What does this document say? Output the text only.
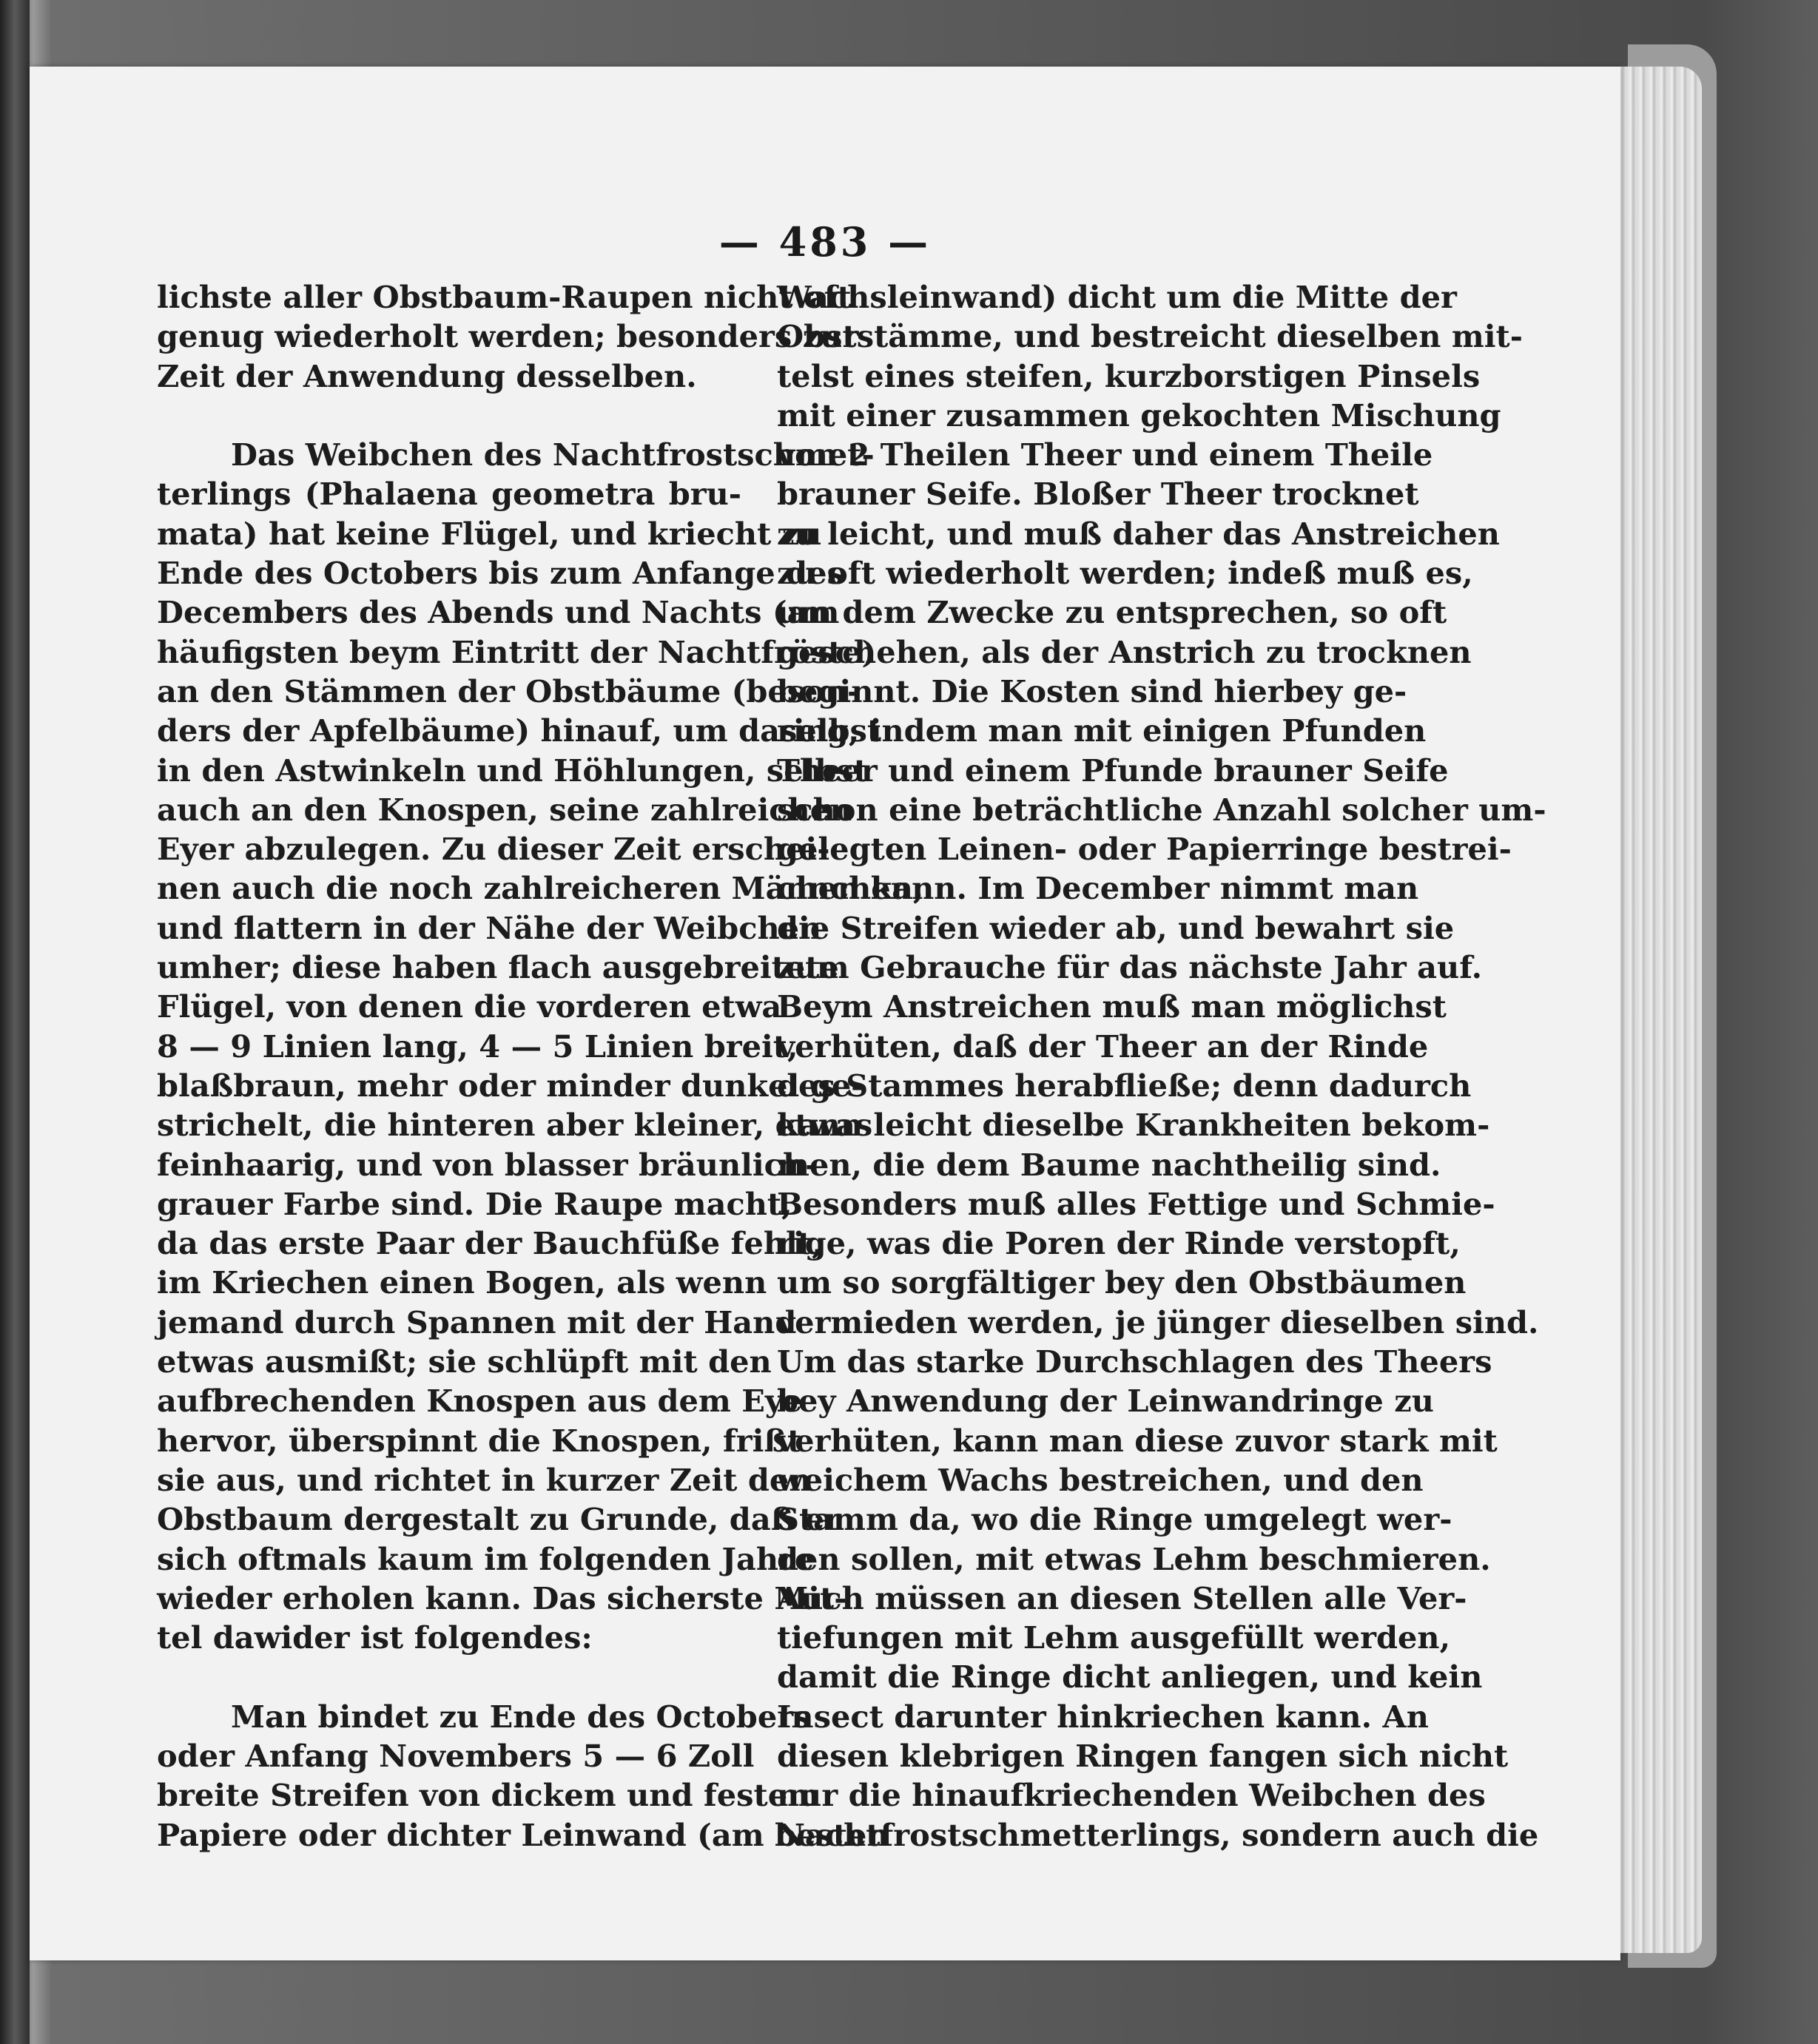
— 483 —
lichste aller Obstbaum-Raupen nicht oft
genug wiederholt werden; besonders zur
Zeit der Anwendung desselben.
Das Weibchen des Nachtfrostschmet-
terlings (Phalaena geometra bru-
mata) hat keine Flügel, und kriecht zu
Ende des Octobers bis zum Anfange des
Decembers des Abends und Nachts (am
häufigsten beym Eintritt der Nachtfröste)
an den Stämmen der Obstbäume (beson-
ders der Apfelbäume) hinauf, um daselbst
in den Astwinkeln und Höhlungen, selbst
auch an den Knospen, seine zahlreichen
Eyer abzulegen. Zu dieser Zeit erschei-
nen auch die noch zahlreicheren Männchen,
und flattern in der Nähe der Weibchen
umher; diese haben flach ausgebreitete
Flügel, von denen die vorderen etwa
8 — 9 Linien lang, 4 — 5 Linien breit,
blaßbraun, mehr oder minder dunkel ge-
strichelt, die hinteren aber kleiner, etwas
feinhaarig, und von blasser bräunlich-
grauer Farbe sind. Die Raupe macht,
da das erste Paar der Bauchfüße fehlt,
im Kriechen einen Bogen, als wenn
jemand durch Spannen mit der Hand
etwas ausmißt; sie schlüpft mit den
aufbrechenden Knospen aus dem Eye
hervor, überspinnt die Knospen, frißt
sie aus, und richtet in kurzer Zeit den
Obstbaum dergestalt zu Grunde, daß er
sich oftmals kaum im folgenden Jahre
wieder erholen kann. Das sicherste Mit-
tel dawider ist folgendes:
Man bindet zu Ende des Octobers
oder Anfang Novembers 5 — 6 Zoll
breite Streifen von dickem und festem
Papiere oder dichter Leinwand (am besten
Wachsleinwand) dicht um die Mitte der
Obststämme, und bestreicht dieselben mit-
telst eines steifen, kurzborstigen Pinsels
mit einer zusammen gekochten Mischung
von 2 Theilen Theer und einem Theile
brauner Seife. Bloßer Theer trocknet
zu leicht, und muß daher das Anstreichen
zu oft wiederholt werden; indeß muß es,
um dem Zwecke zu entsprechen, so oft
geschehen, als der Anstrich zu trocknen
beginnt. Die Kosten sind hierbey ge-
ring, indem man mit einigen Pfunden
Theer und einem Pfunde brauner Seife
schon eine beträchtliche Anzahl solcher um-
gelegten Leinen- oder Papierringe bestrei-
chen kann. Im December nimmt man
die Streifen wieder ab, und bewahrt sie
zum Gebrauche für das nächste Jahr auf.
Beym Anstreichen muß man möglichst
verhüten, daß der Theer an der Rinde
des Stammes herabfließe; denn dadurch
kann leicht dieselbe Krankheiten bekom-
men, die dem Baume nachtheilig sind.
Besonders muß alles Fettige und Schmie-
rige, was die Poren der Rinde verstopft,
um so sorgfältiger bey den Obstbäumen
vermieden werden, je jünger dieselben sind.
Um das starke Durchschlagen des Theers
bey Anwendung der Leinwandringe zu
verhüten, kann man diese zuvor stark mit
weichem Wachs bestreichen, und den
Stamm da, wo die Ringe umgelegt wer-
den sollen, mit etwas Lehm beschmieren.
Auch müssen an diesen Stellen alle Ver-
tiefungen mit Lehm ausgefüllt werden,
damit die Ringe dicht anliegen, und kein
Insect darunter hinkriechen kann. An
diesen klebrigen Ringen fangen sich nicht
nur die hinaufkriechenden Weibchen des
Nachtfrostschmetterlings, sondern auch die
